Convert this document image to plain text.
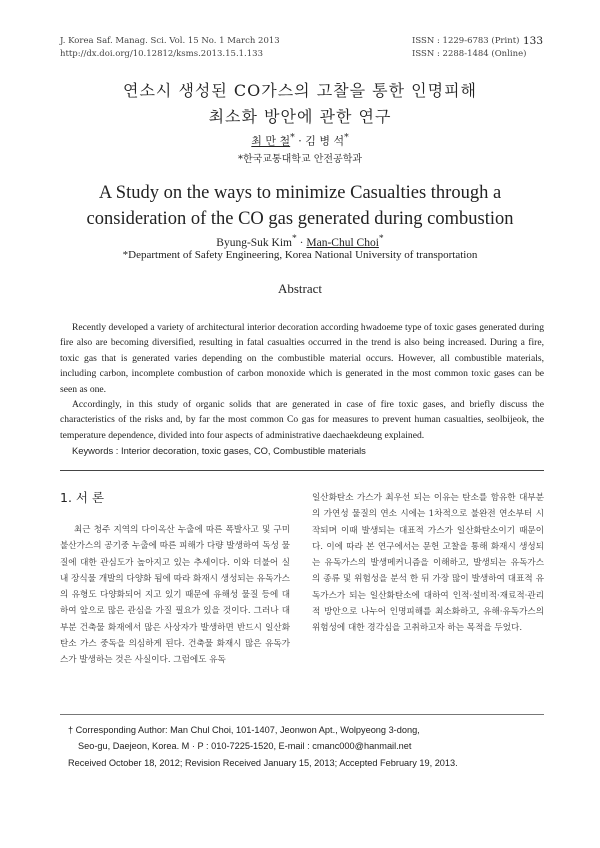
J. Korea Saf. Manag. Sci. Vol. 15 No. 1 March 2013
http://dx.doi.org/10.12812/ksms.2013.15.1.133
ISSN : 1229-6783 (Print)
ISSN : 2288-1484 (Online)
133
연소시 생성된 CO가스의 고찰을 통한 인명피해
최소화 방안에 관한 연구
최 만 철* · 김 병 석*
*한국교통대학교 안전공학과
A Study on the ways to minimize Casualties through a
consideration of the CO gas generated during combustion
Byung-Suk Kim* · Man-Chul Choi*
*Department of Safety Engineering, Korea National University of transportation
Abstract

Recently developed a variety of architectural interior decoration according hwadoeme type of toxic gases generated during fire also are becoming diversified, resulting in fatal casualties occurred in the trend is also being increased. During a fire, toxic gas that is generated varies depending on the combustible material occurs. However, all combustible materials, including carbon, incomplete combustion of carbon monoxide which is generated in the most common toxic gases can be seen as one.

Accordingly, in this study of organic solids that are generated in case of fire toxic gases, and briefly discuss the characteristics of the risks and, by far the most common Co gas for measures to prevent human casualties, seolbijeok, the temperature dependence, divided into four aspects of administrative daechaekdeung explained.

Keywords : Interior decoration, toxic gases, CO, Combustible materials

1. 서 론

최근 청주 지역의 다이옥산 누출에 따른 폭발사고 및 구미 불산가스의 공기중 누출에 따른 피해가 다량 발생하여 독성 물질에 대한 관심도가 높아지고 있는 추세이다. 이와 더불어 실내 장식물 개발의 다양화 됨에 따라 화재시 생성되는 유독가스의 유형도 다양화되어 지고 있기 때문에 유해성 물질 등에 대하여 앞으로 많은 관심을 가질 필요가 있을 것이다. 그러나 대부분 건축물 화재에서 많은 사상자가 발생하면 반드시 일산화탄소 가스 중독을 의심하게 된다. 건축물 화재시 많은 유독가스가 발생하는 것은 사실이다. 그럼에도 유독

일산화탄소 가스가 최우선 되는 이유는 탄소를 함유한 대부분의 가연성 물질의 연소 시에는 1차적으로 불완전 연소부터 시작되며 이때 발생되는 대표적 가스가 일산화탄소이기 때문이다. 이에 따라 본 연구에서는 문헌 고찰을 통해 화재시 생성되는 유독가스의 발생메커니즘을 이해하고, 발생되는 유독가스의 종류 및 위험성을 분석 한 뒤 가장 많이 발생하여 대표적 유독가스가 되는 일산화탄소에 대하여 인적·설비적·재료적·관리적 방안으로 나누어 인명피해를 최소화하고, 유해·유독가스의 위험성에 대한 경각심을 고취하고자 하는 목적을 두었다.

† Corresponding Author: Man Chul Choi, 101-1407, Jeonwon Apt., Wolpyeong 3-dong,
Seo-gu, Daejeon, Korea. M · P : 010-7225-1520, E-mail : cmanc000@hanmail.net
Received October 18, 2012; Revision Received January 15, 2013; Accepted February 19, 2013.
